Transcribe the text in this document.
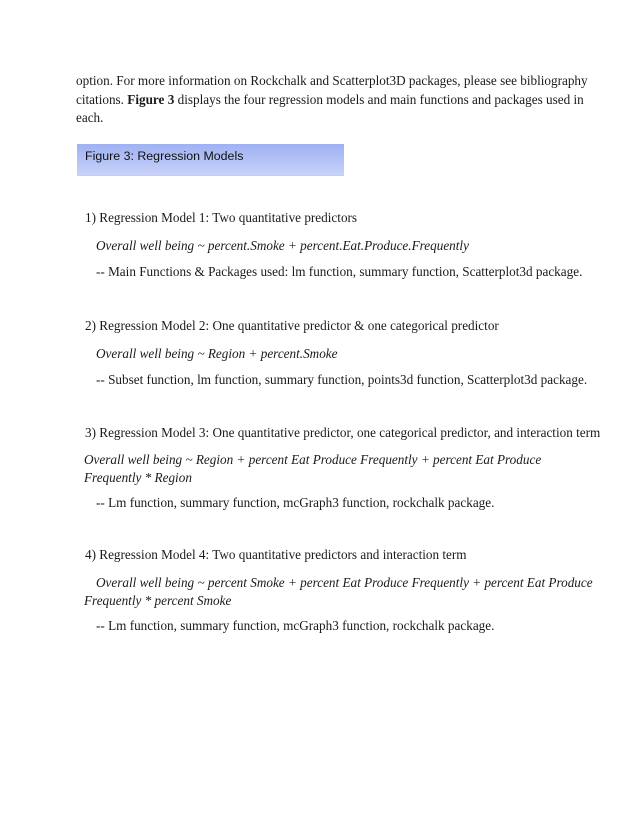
option. For more information on Rockchalk and Scatterplot3D packages, please see bibliography
citations. Figure 3 displays the four regression models and main functions and packages used in
each.

Figure 3: Regression Models

1) Regression Model 1: Two quantitative predictors

Overall well being ~ percent.Smoke + percent.Eat.Produce.Frequently

-- Main Functions & Packages used: lm function, summary function, Scatterplot3d package.

2) Regression Model 2: One quantitative predictor & one categorical predictor

Overall well being ~ Region + percent.Smoke

-- Subset function, lm function, summary function, points3d function, Scatterplot3d package.

3) Regression Model 3: One quantitative predictor, one categorical predictor, and interaction term

Overall well being ~ Region + percent Eat Produce Frequently + percent Eat Produce
Frequently * Region

-- Lm function, summary function, mcGraph3 function, rockchalk package.

4) Regression Model 4: Two quantitative predictors and interaction term

Overall well being ~ percent Smoke + percent Eat Produce Frequently + percent Eat Produce
Frequently * percent Smoke

-- Lm function, summary function, mcGraph3 function, rockchalk package.
